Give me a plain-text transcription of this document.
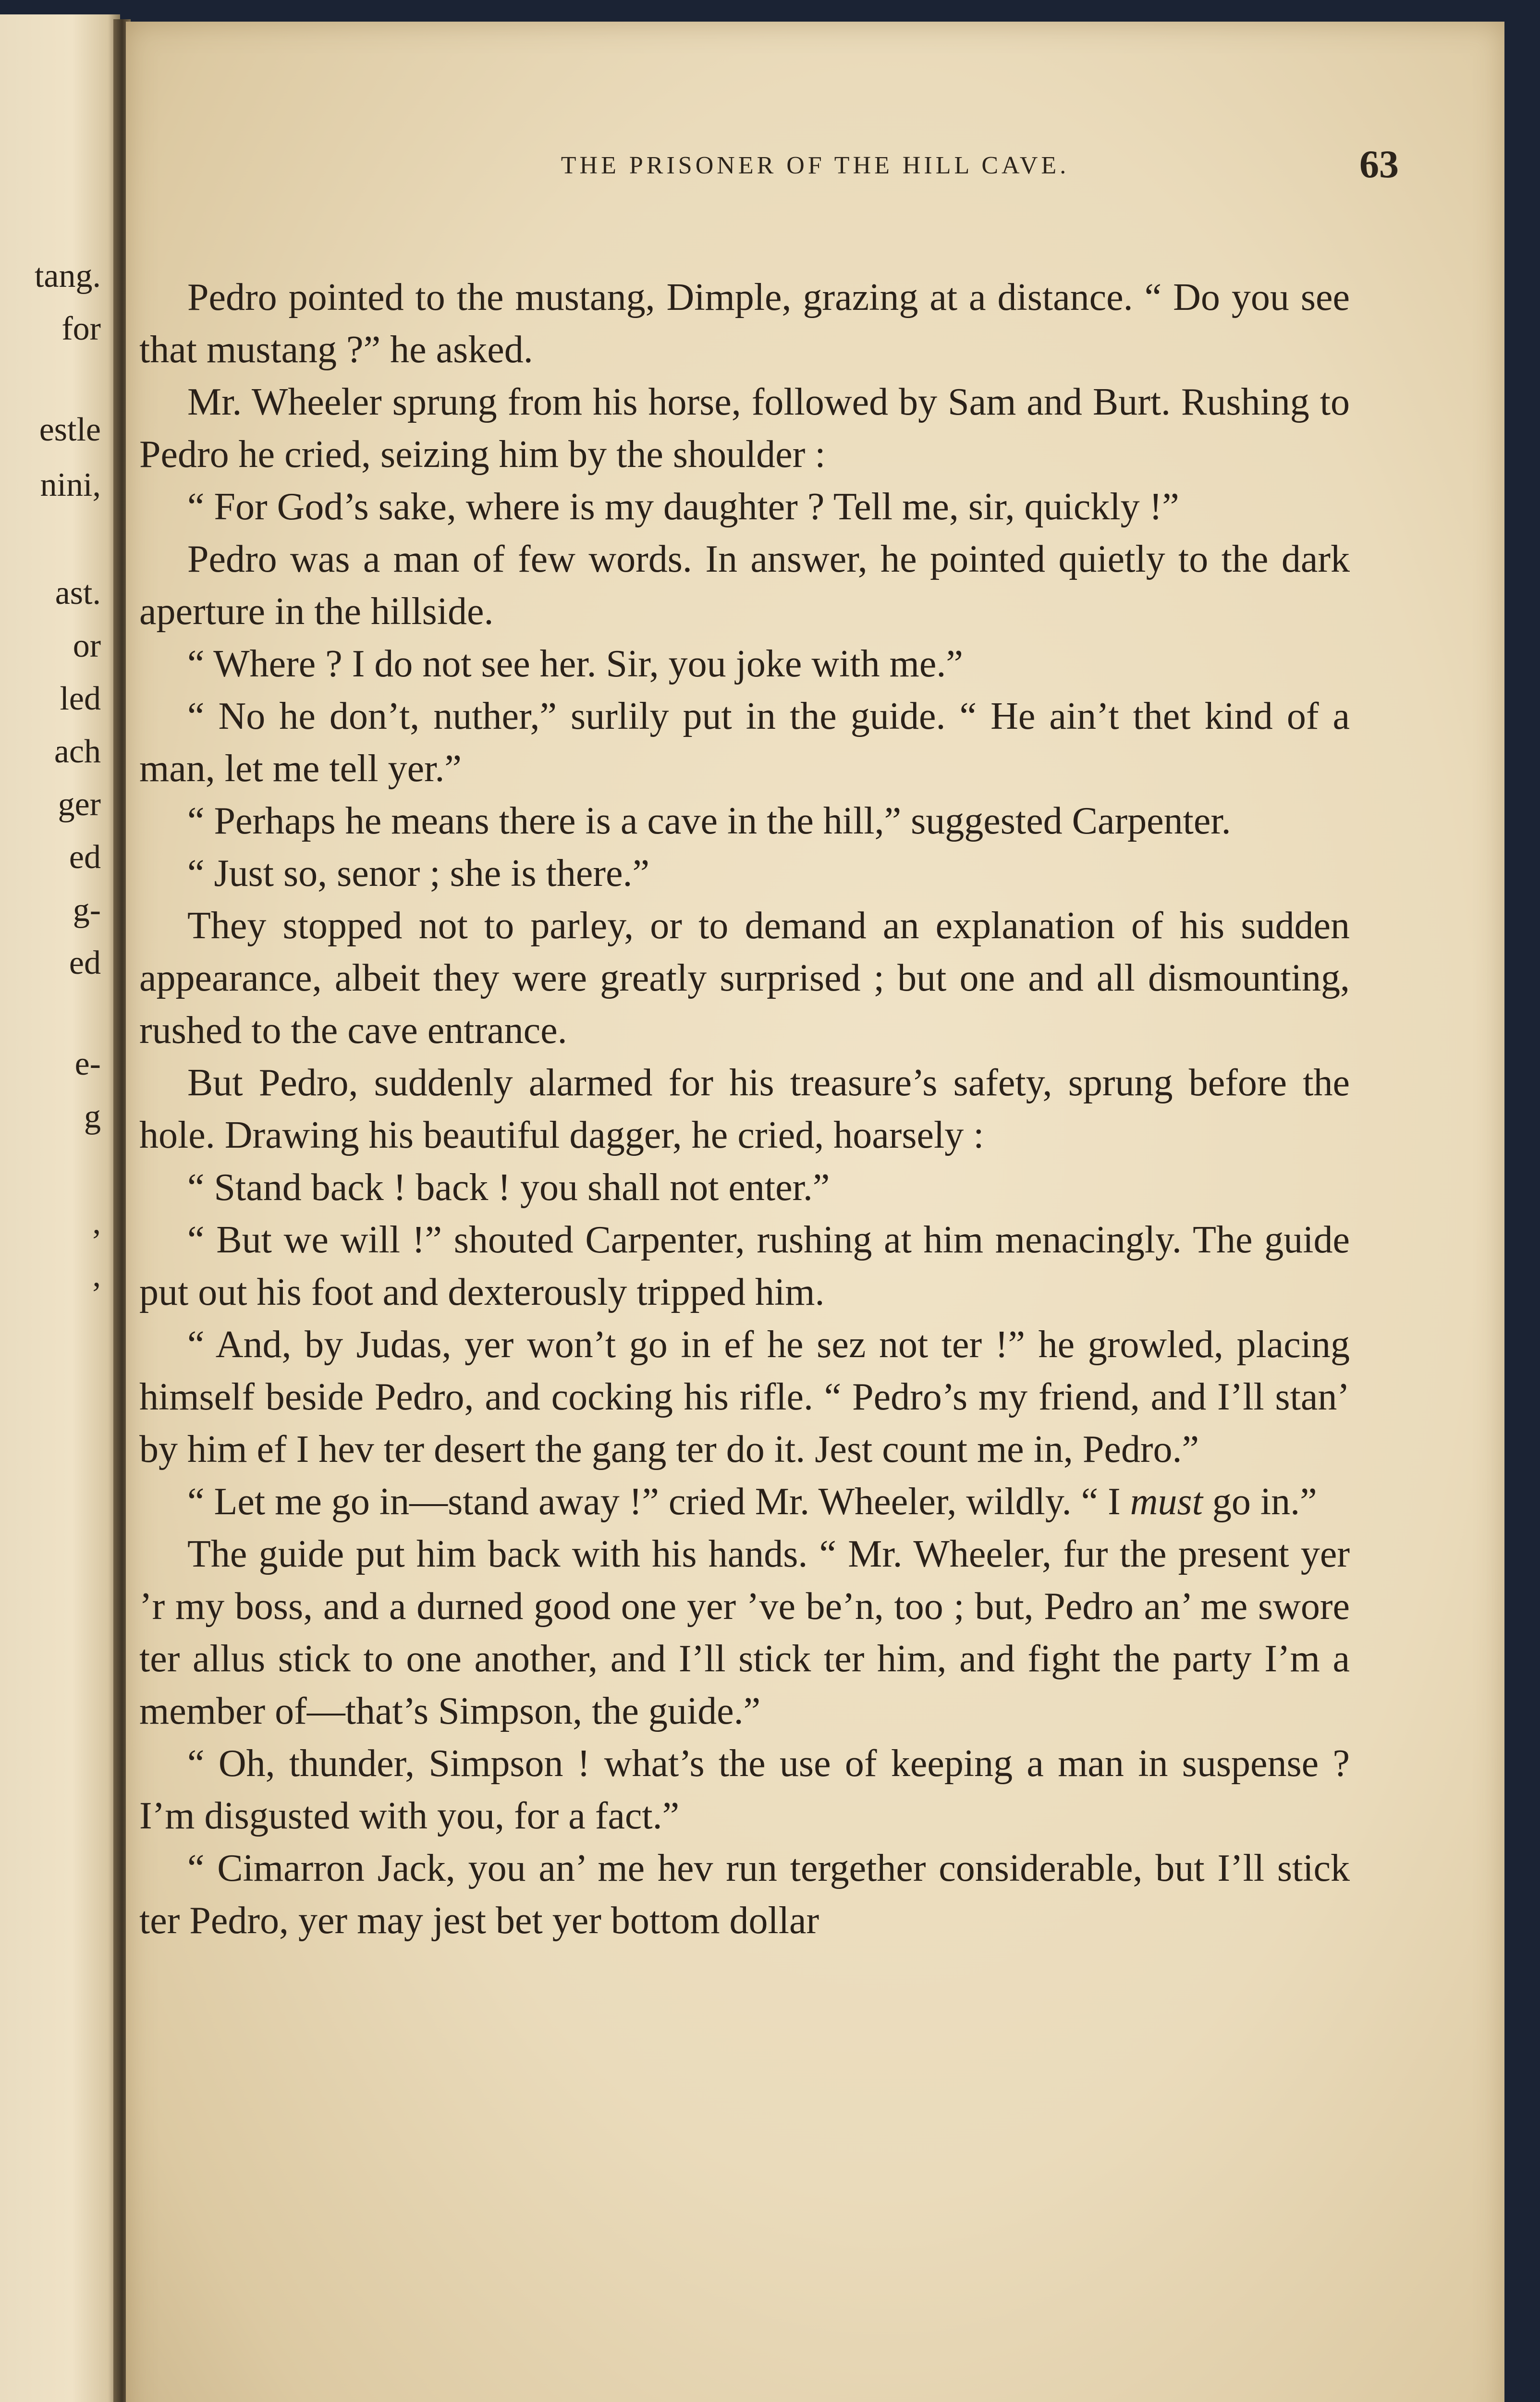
tang.
for
estle
nini,
ast.
or
led
ach
ger
ed
g-
ed
e-
g
,
,
THE PRISONER OF THE HILL CAVE.	63

Pedro pointed to the mustang, Dimple, grazing at a distance. “ Do you see that mustang ?” he asked.

Mr. Wheeler sprung from his horse, followed by Sam and Burt. Rushing to Pedro he cried, seizing him by the shoulder :

“ For God’s sake, where is my daughter ? Tell me, sir, quickly !”

Pedro was a man of few words. In answer, he pointed quietly to the dark aperture in the hillside.

“ Where ? I do not see her. Sir, you joke with me.”

“ No he don’t, nuther,” surlily put in the guide. “ He ain’t thet kind of a man, let me tell yer.”

“ Perhaps he means there is a cave in the hill,” suggested Carpenter.

“ Just so, senor ; she is there.”

They stopped not to parley, or to demand an explanation of his sudden appearance, albeit they were greatly surprised ; but one and all dismounting, rushed to the cave entrance.

But Pedro, suddenly alarmed for his treasure’s safety, sprung before the hole. Drawing his beautiful dagger, he cried, hoarsely :

“ Stand back ! back ! you shall not enter.”

“ But we will !” shouted Carpenter, rushing at him menacingly. The guide put out his foot and dexterously tripped him.

“ And, by Judas, yer won’t go in ef he sez not ter !” he growled, placing himself beside Pedro, and cocking his rifle. “ Pedro’s my friend, and I’ll stan’ by him ef I hev ter desert the gang ter do it. Jest count me in, Pedro.”

“ Let me go in—stand away !” cried Mr. Wheeler, wildly. “ I must go in.”

The guide put him back with his hands. “ Mr. Wheeler, fur the present yer ’r my boss, and a durned good one yer ’ve be’n, too ; but, Pedro an’ me swore ter allus stick to one another, and I’ll stick ter him, and fight the party I’m a member of—that’s Simpson, the guide.”

“ Oh, thunder, Simpson ! what’s the use of keeping a man in suspense ? I’m disgusted with you, for a fact.”

“ Cimarron Jack, you an’ me hev run tergether considerable, but I’ll stick ter Pedro, yer may jest bet yer bottom dollar
